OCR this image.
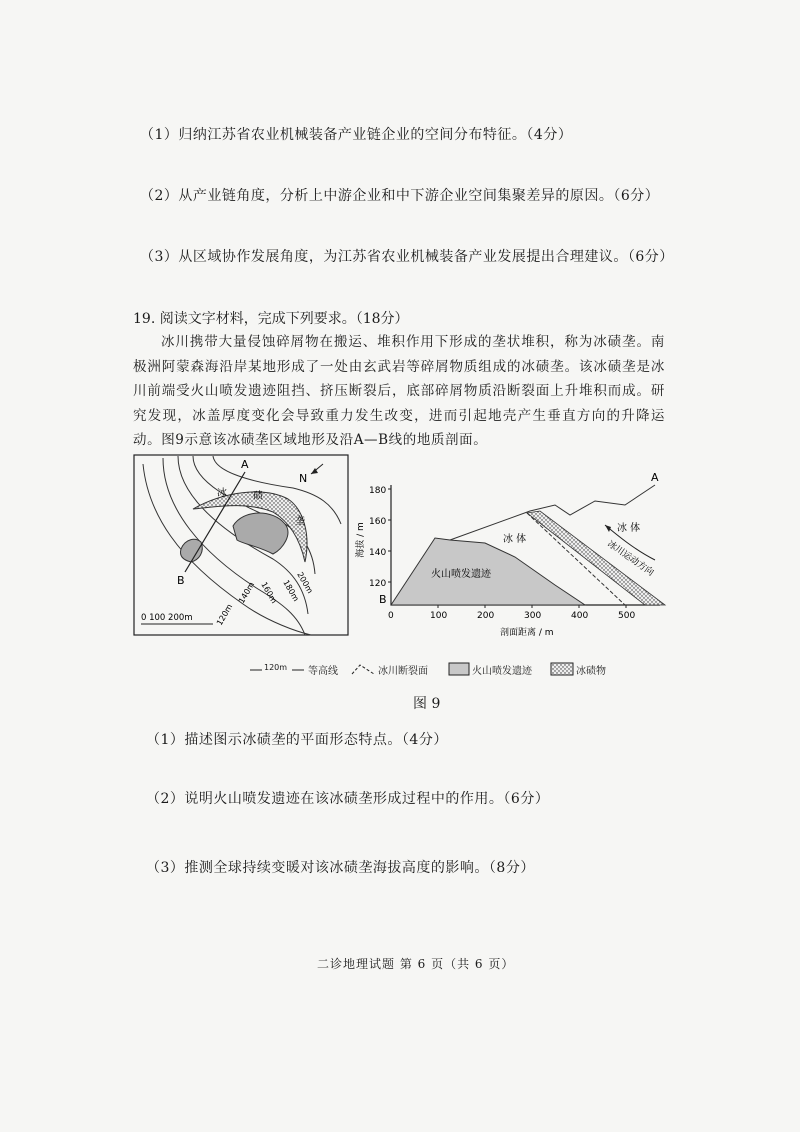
（1）归纳江苏省农业机械装备产业链企业的空间分布特征。（4分）
（2）从产业链角度，分析上中游企业和中下游企业空间集聚差异的原因。（6分）
（3）从区域协作发展角度，为江苏省农业机械装备产业发展提出合理建议。（6分）
19. 阅读文字材料，完成下列要求。（18分）
冰川携带大量侵蚀碎屑物在搬运、堆积作用下形成的垄状堆积，称为冰碛垄。南极洲阿蒙森海沿岸某地形成了一处由玄武岩等碎屑物质组成的冰碛垄。该冰碛垄是冰川前端受火山喷发遗迹阻挡、挤压断裂后，底部碎屑物质沿断裂面上升堆积而成。研究发现，冰盖厚度变化会导致重力发生改变，进而引起地壳产生垂直方向的升降运动。图9示意该冰碛垄区域地形及沿A—B线的地质剖面。
A
B
N
冰	碛
垄
200m
180m
160m
140m
120m
0 100 200m
180
160
140
120
0	100	200	300	400	500
海拔 / m
剖面距离 / m
A
B
冰 体
冰 体
火山喷发遗迹	冰川运动方向
120m 等高线	冰川断裂面	火山喷发遗迹	冰碛物
图 9
（1）描述图示冰碛垄的平面形态特点。（4分）
（2）说明火山喷发遗迹在该冰碛垄形成过程中的作用。（6分）
（3）推测全球持续变暖对该冰碛垄海拔高度的影响。（8分）
二诊地理试题 第 6 页（共 6 页）
